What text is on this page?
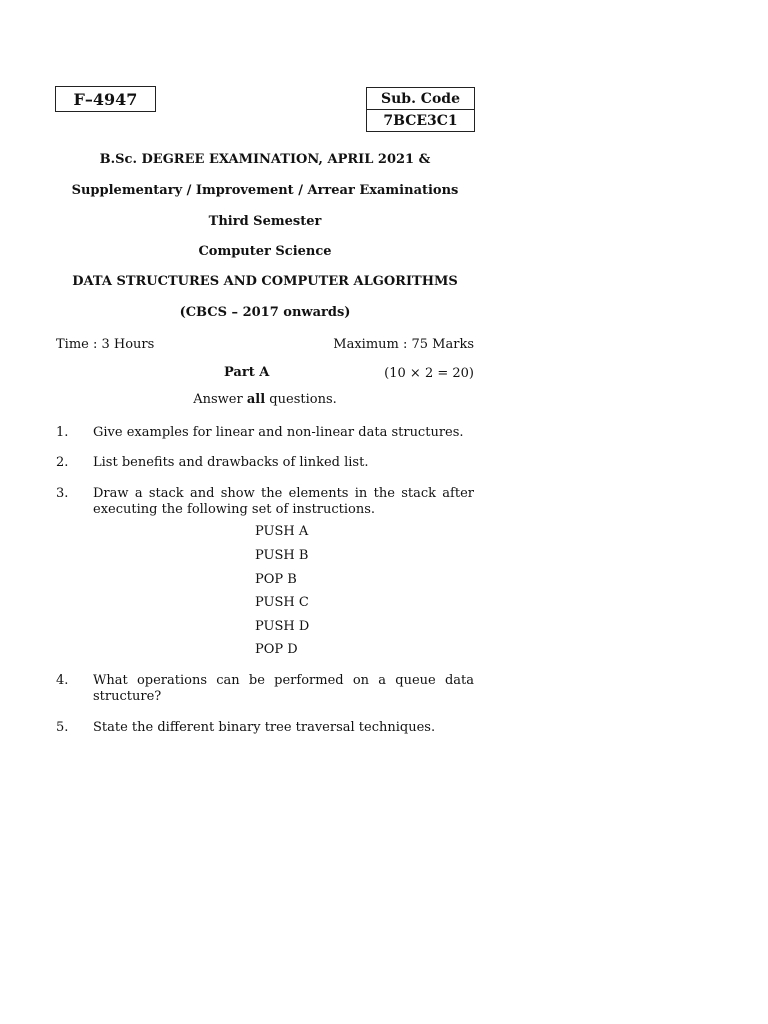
F–4947	Sub. Code
7BCE3C1
B.Sc. DEGREE EXAMINATION, APRIL 2021 &
Supplementary / Improvement / Arrear Examinations
Third Semester
Computer Science
DATA STRUCTURES AND COMPUTER ALGORITHMS
(CBCS – 2017 onwards)
Time : 3 Hours	Maximum : 75 Marks
Part A	(10 × 2 = 20)
Answer all questions.
1. Give examples for linear and non-linear data structures.
2. List benefits and drawbacks of linked list.
3. Draw a stack and show the elements in the stack after executing the following set of instructions.
PUSH A
PUSH B
POP B
PUSH C
PUSH D
POP D
4. What operations can be performed on a queue data structure?
5. State the different binary tree traversal techniques.
